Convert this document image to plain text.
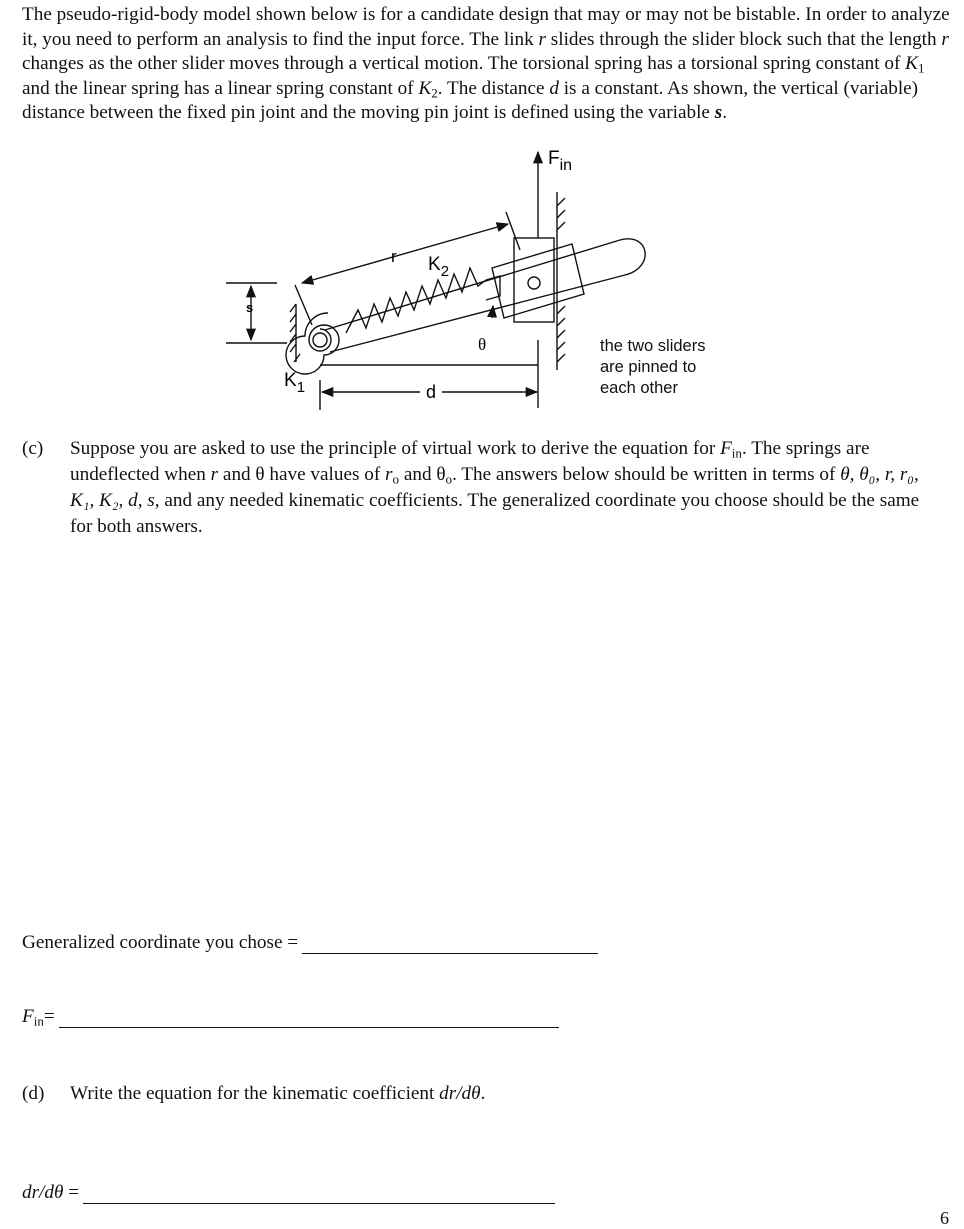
The pseudo-rigid-body model shown below is for a candidate design that may or may not be bistable. In order to analyze it, you need to perform an analysis to find the input force. The link r slides through the slider block such that the length r changes as the other slider moves through a vertical motion. The torsional spring has a torsional spring constant of $K_1$ and the linear spring has a linear spring constant of $K_2$. The distance d is a constant. As shown, the vertical (variable) distance between the fixed pin joint and the moving pin joint is defined using the variable s.

$F_{in}$
r $K_2$
s
θ
$K_1$	d

the two sliders
are pinned to
each other

(c) Suppose you are asked to use the principle of virtual work to derive the equation for $F_{in}$. The springs are undeflected when r and θ have values of $r_o$ and $\theta_o$. The answers below should be written in terms of θ, θ₀, r, r₀, K₁, K₂, d, s, and any needed kinematic coefficients. The generalized coordinate you choose should be the same for both answers.
Generalized coordinate you chose =
$F_{in}=$
(d) Write the equation for the kinematic coefficient dr/dθ.
dr/dθ =
6
